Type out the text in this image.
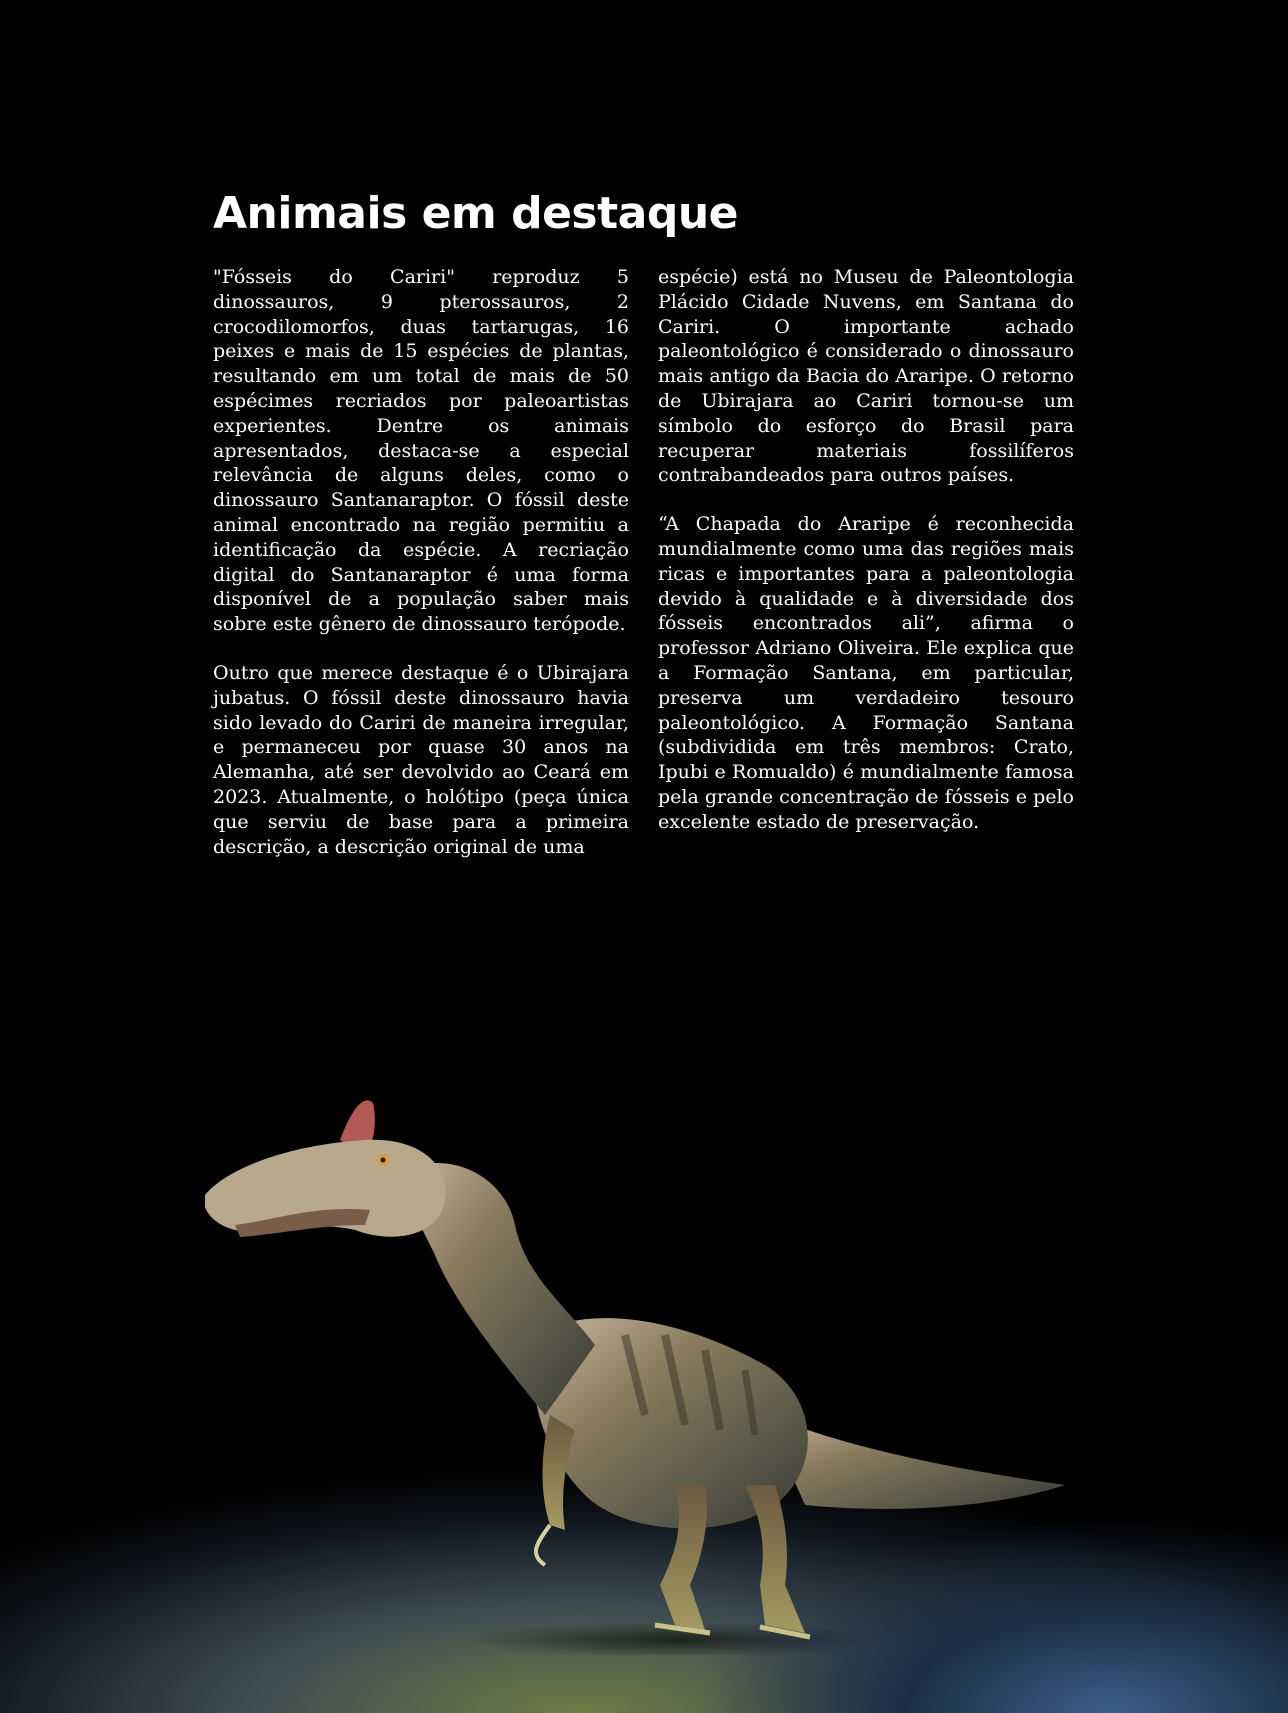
Animais em destaque

"Fósseis do Cariri" reproduz 5 dinossauros, 9 pterossauros, 2 crocodilomorfos, duas tartarugas, 16 peixes e mais de 15 espécies de plantas, resultando em um total de mais de 50 espécimes recriados por paleoartistas experientes. Dentre os animais apresentados, destaca-se a especial relevância de alguns deles, como o dinossauro Santanaraptor. O fóssil deste animal encontrado na região permitiu a identificação da espécie. A recriação digital do Santanaraptor é uma forma disponível de a população saber mais sobre este gênero de dinossauro terópode.

Outro que merece destaque é o Ubirajara jubatus. O fóssil deste dinossauro havia sido levado do Cariri de maneira irregular, e permaneceu por quase 30 anos na Alemanha, até ser devolvido ao Ceará em 2023. Atualmente, o holótipo (peça única que serviu de base para a primeira descrição, a descrição original de uma

espécie) está no Museu de Paleontologia Plácido Cidade Nuvens, em Santana do Cariri. O importante achado paleontológico é considerado o dinossauro mais antigo da Bacia do Araripe. O retorno de Ubirajara ao Cariri tornou-se um símbolo do esforço do Brasil para recuperar materiais fossilíferos contrabandeados para outros países.

“A Chapada do Araripe é reconhecida mundialmente como uma das regiões mais ricas e importantes para a paleontologia devido à qualidade e à diversidade dos fósseis encontrados ali”, afirma o professor Adriano Oliveira. Ele explica que a Formação Santana, em particular, preserva um verdadeiro tesouro paleontológico. A Formação Santana (subdividida em três membros: Crato, Ipubi e Romualdo) é mundialmente famosa pela grande concentração de fósseis e pelo excelente estado de preservação.
